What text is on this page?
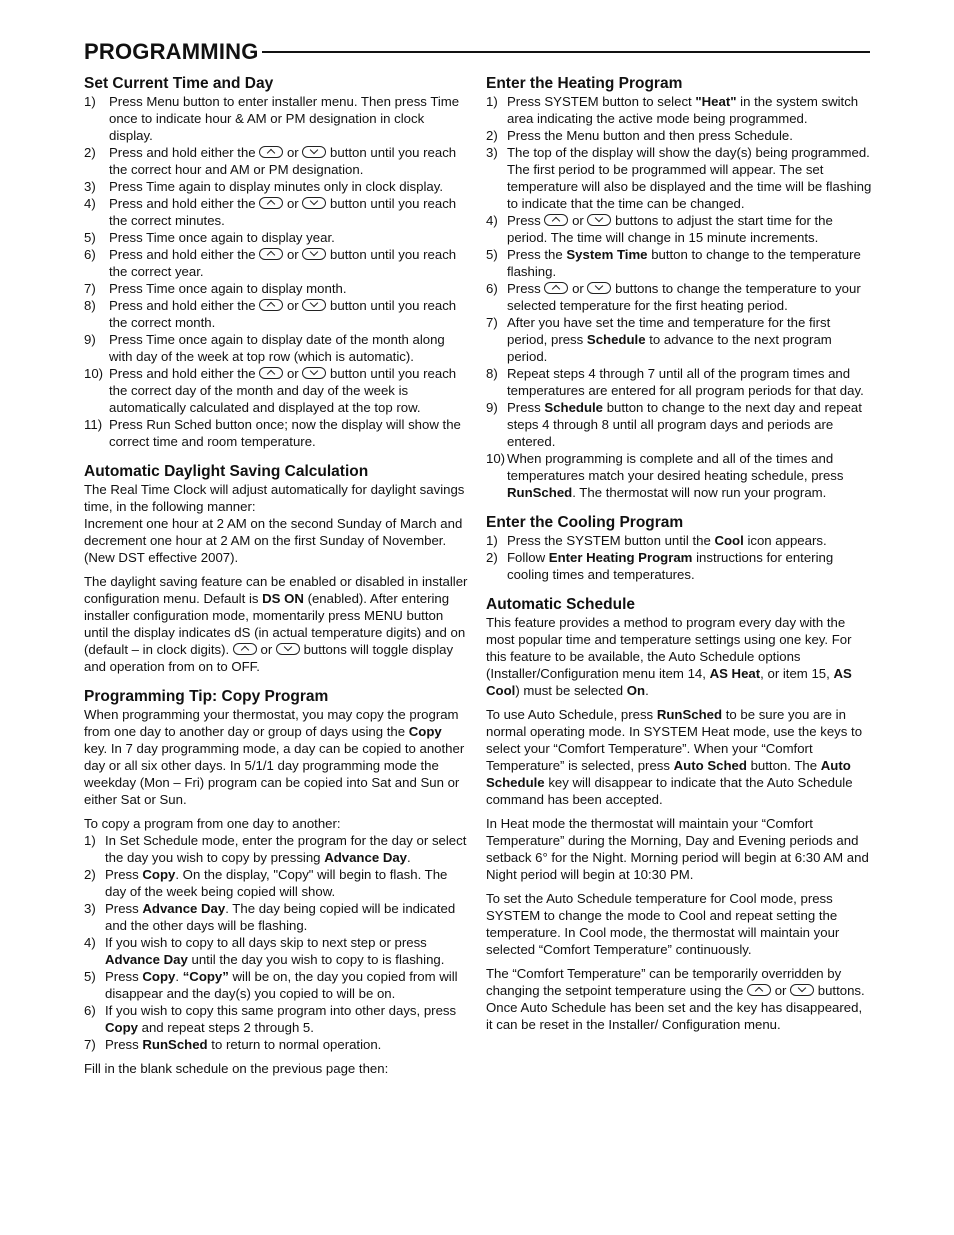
PROGRAMMING
Set Current Time and Day
1)	Press Menu button to enter installer menu. Then press Time once to indicate hour & AM or PM designation in clock display.
2)	Press and hold either the or button until you reach the correct hour and AM or PM designation.
3)	Press Time again to display minutes only in clock display.
4)	Press and hold either the or button until you reach the correct minutes.
5)	Press Time once again to display year.
6)	Press and hold either the or button until you reach the correct year.
7)	Press Time once again to display month.
8)	Press and hold either the or button until you reach the correct month.
9)	Press Time once again to display date of the month along with day of the week at top row (which is automatic).
10) Press and hold either the or button until you reach the correct day of the month and day of the week is automatically calculated and displayed at the top row.
11) Press Run Sched button once; now the display will show the correct time and room temperature.
Automatic Daylight Saving Calculation

The Real Time Clock will adjust automatically for daylight savings time, in the following manner:

Increment one hour at 2 AM on the second Sunday of March and decrement one hour at 2 AM on the first Sunday of November. (New DST effective 2007).

The daylight saving feature can be enabled or disabled in installer configuration menu. Default is DS ON (enabled). After entering installer configuration mode, momentarily press MENU button until the display indicates dS (in actual temperature digits) and on (default – in clock digits). or buttons will toggle display and operation from on to OFF.

Programming Tip: Copy Program

When programming your thermostat, you may copy the program from one day to another day or group of days using the Copy key. In 7 day programming mode, a day can be copied to another day or all six other days. In 5/1/1 day programming mode the weekday (Mon – Fri) program can be copied into Sat and Sun or either Sat or Sun.

To copy a program from one day to another:

1) In Set Schedule mode, enter the program for the day or select the day you wish to copy by pressing Advance Day.
2) Press Copy. On the display, "Copy" will begin to flash. The day of the week being copied will show.
3) Press Advance Day. The day being copied will be indicated and the other days will be flashing.
4) If you wish to copy to all days skip to next step or press Advance Day until the day you wish to copy to is flashing.
5) Press Copy. “Copy” will be on, the day you copied from will disappear and the day(s) you copied to will be on.
6) If you wish to copy this same program into other days, press Copy and repeat steps 2 through 5.
7) Press RunSched to return to normal operation.

Fill in the blank schedule on the previous page then:

Enter the Heating Program
1) Press SYSTEM button to select "Heat" in the system switch area indicating the active mode being programmed.
2) Press the Menu button and then press Schedule.
3) The top of the display will show the day(s) being programmed. The first period to be programmed will appear. The set temperature will also be displayed and the time will be flashing to indicate that the time can be changed.
4) Press or buttons to adjust the start time for the period. The time will change in 15 minute increments.
5) Press the System Time button to change to the temperature flashing.
6) Press or buttons to change the temperature to your selected temperature for the first heating period.
7) After you have set the time and temperature for the first period, press Schedule to advance to the next program period.
8) Repeat steps 4 through 7 until all of the program times and temperatures are entered for all program periods for that day.
9) Press Schedule button to change to the next day and repeat steps 4 through 8 until all program days and periods are entered.
10) When programming is complete and all of the times and temperatures match your desired heating schedule, press RunSched. The thermostat will now run your program.
Enter the Cooling Program
1) Press the SYSTEM button until the Cool icon appears.
2) Follow Enter Heating Program instructions for entering cooling times and temperatures.
Automatic Schedule

This feature provides a method to program every day with the most popular time and temperature settings using one key. For this feature to be available, the Auto Schedule options (Installer/Configuration menu item 14, AS Heat, or item 15, AS Cool) must be selected On.

To use Auto Schedule, press RunSched to be sure you are in normal operating mode. In SYSTEM Heat mode, use the keys to select your “Comfort Temperature”. When your “Comfort Temperature” is selected, press Auto Sched button. The Auto Schedule key will disappear to indicate that the Auto Schedule command has been accepted.

In Heat mode the thermostat will maintain your “Comfort Temperature” during the Morning, Day and Evening periods and setback 6° for the Night. Morning period will begin at 6:30 AM and Night period will begin at 10:30 PM.

To set the Auto Schedule temperature for Cool mode, press SYSTEM to change the mode to Cool and repeat setting the temperature. In Cool mode, the thermostat will maintain your selected “Comfort Temperature” continuously.

The “Comfort Temperature” can be temporarily overridden by changing the setpoint temperature using the or buttons. Once Auto Schedule has been set and the key has disappeared, it can be reset in the Installer/ Configuration menu.
